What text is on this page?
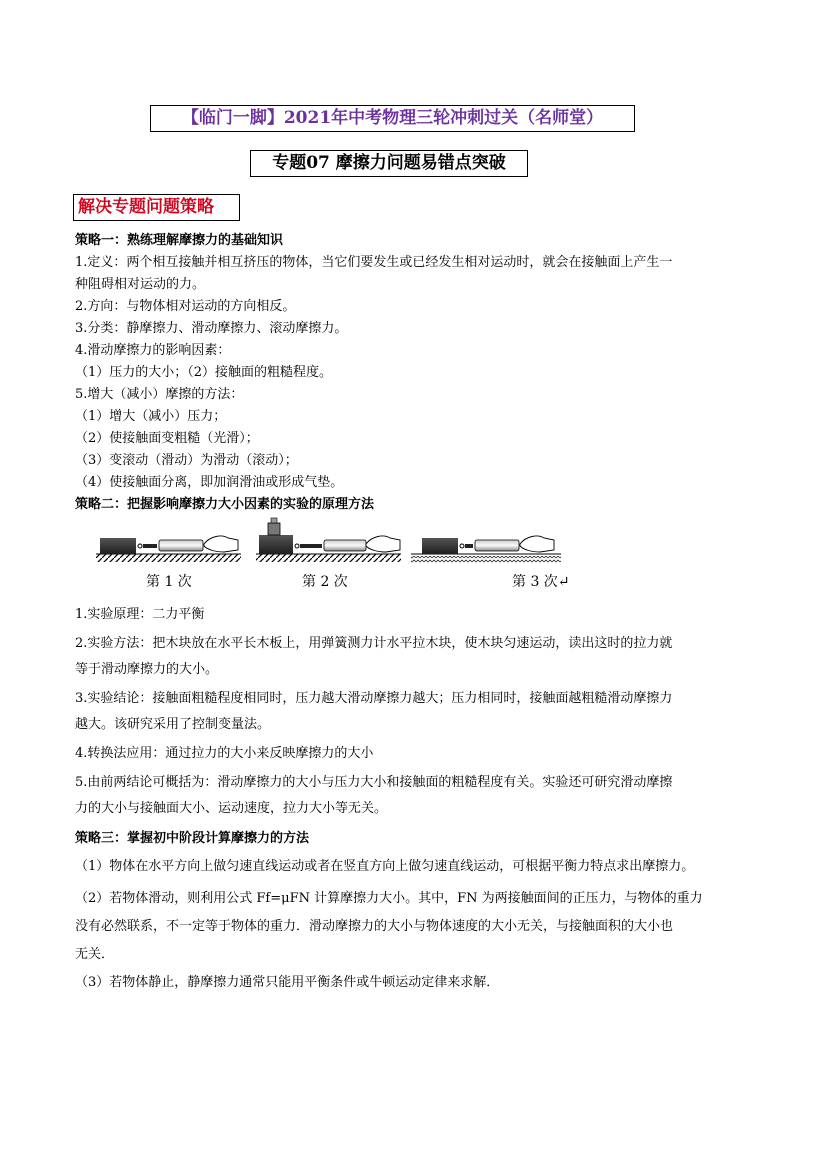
【临门一脚】2021年中考物理三轮冲刺过关（名师堂）
专题07 摩擦力问题易错点突破
解决专题问题策略
策略一：熟练理解摩擦力的基础知识
1.定义：两个相互接触并相互挤压的物体，当它们要发生或已经发生相对运动时，就会在接触面上产生一
种阻碍相对运动的力。
2.方向：与物体相对运动的方向相反。
3.分类：静摩擦力、滑动摩擦力、滚动摩擦力。
4.滑动摩擦力的影响因素：
（1）压力的大小；（2）接触面的粗糙程度。
5.增大（减小）摩擦的方法：
（1）增大（减小）压力；
（2）使接触面变粗糙（光滑）；
（3）变滚动（滑动）为滑动（滚动）；
（4）使接触面分离，即加润滑油或形成气垫。
策略二：把握影响摩擦力大小因素的实验的原理方法
第 1 次	第 2 次	第 3 次↵
1.实验原理：二力平衡
2.实验方法：把木块放在水平长木板上，用弹簧测力计水平拉木块，使木块匀速运动，读出这时的拉力就
等于滑动摩擦力的大小。
3.实验结论：接触面粗糙程度相同时，压力越大滑动摩擦力越大；压力相同时，接触面越粗糙滑动摩擦力
越大。该研究采用了控制变量法。
4.转换法应用：通过拉力的大小来反映摩擦力的大小
5.由前两结论可概括为：滑动摩擦力的大小与压力大小和接触面的粗糙程度有关。实验还可研究滑动摩擦
力的大小与接触面大小、运动速度，拉力大小等无关。
策略三：掌握初中阶段计算摩擦力的方法
（1）物体在水平方向上做匀速直线运动或者在竖直方向上做匀速直线运动，可根据平衡力特点求出摩擦力。
（2）若物体滑动，则利用公式 Ff=μFN 计算摩擦力大小。其中，FN 为两接触面间的正压力，与物体的重力
没有必然联系，不一定等于物体的重力．滑动摩擦力的大小与物体速度的大小无关，与接触面积的大小也
无关．
（3）若物体静止，静摩擦力通常只能用平衡条件或牛顿运动定律来求解．
